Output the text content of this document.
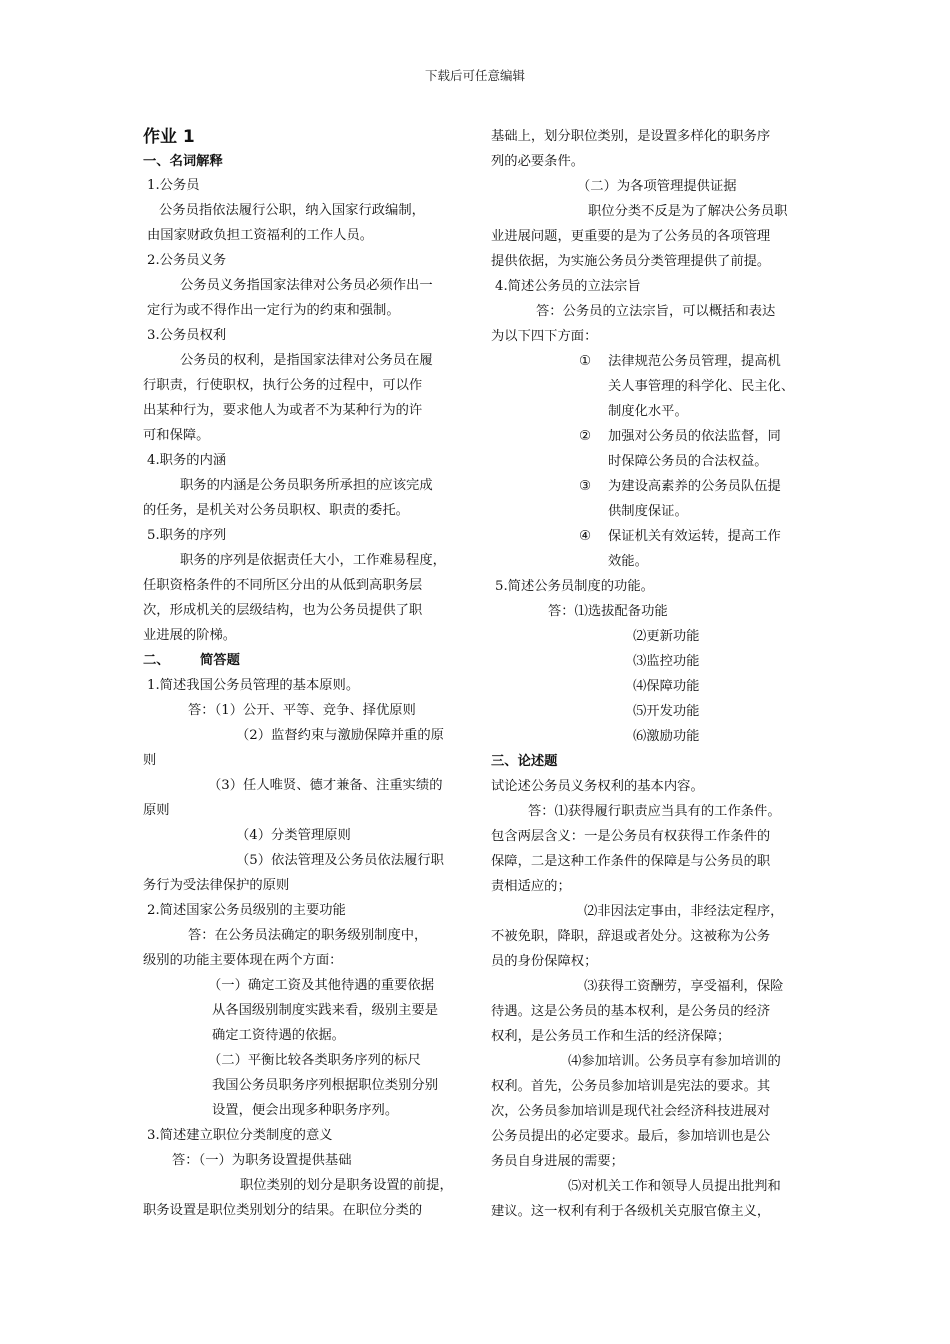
下载后可任意编辑
作业 1
一、名词解释
1.公务员
公务员指依法履行公职，纳入国家行政编制，
由国家财政负担工资福利的工作人员。
2.公务员义务
公务员义务指国家法律对公务员必须作出一
定行为或不得作出一定行为的约束和强制。
3.公务员权利
公务员的权利，是指国家法律对公务员在履
行职责，行使职权，执行公务的过程中，可以作
出某种行为，要求他人为或者不为某种行为的许
可和保障。
4.职务的内涵
职务的内涵是公务员职务所承担的应该完成
的任务，是机关对公务员职权、职责的委托。
5.职务的序列
职务的序列是依据责任大小，工作难易程度，
任职资格条件的不同所区分出的从低到高职务层
次，形成机关的层级结构，也为公务员提供了职
业进展的阶梯。
二、 简答题
1.简述我国公务员管理的基本原则。
答：（1）公开、平等、竞争、择优原则
（2）监督约束与激励保障并重的原
则
（3）任人唯贤、德才兼备、注重实绩的
原则
（4）分类管理原则
（5）依法管理及公务员依法履行职
务行为受法律保护的原则
2.简述国家公务员级别的主要功能
答：在公务员法确定的职务级别制度中，
级别的功能主要体现在两个方面：
（一）确定工资及其他待遇的重要依据
从各国级别制度实践来看，级别主要是
确定工资待遇的依据。
（二）平衡比较各类职务序列的标尺
我国公务员职务序列根据职位类别分别
设置，便会出现多种职务序列。
3.简述建立职位分类制度的意义
答：（一）为职务设置提供基础
职位类别的划分是职务设置的前提，
职务设置是职位类别划分的结果。在职位分类的
基础上，划分职位类别，是设置多样化的职务序
列的必要条件。
（二）为各项管理提供证据
职位分类不反是为了解决公务员职
业进展问题，更重要的是为了公务员的各项管理
提供依据，为实施公务员分类管理提供了前提。
4.简述公务员的立法宗旨
答：公务员的立法宗旨，可以概括和表达
为以下四下方面：
法律规范公务员管理，提高机
关人事管理的科学化、民主化、
制度化水平。
加强对公务员的依法监督，同
时保障公务员的合法权益。
为建设高素养的公务员队伍提
供制度保证。
保证机关有效运转，提高工作
效能。
5.简述公务员制度的功能。
答：⑴选拔配备功能
⑵更新功能
⑶监控功能
⑷保障功能
⑸开发功能
⑹激励功能
三、论述题
试论述公务员义务权利的基本内容。
答：⑴获得履行职责应当具有的工作条件。
包含两层含义：一是公务员有权获得工作条件的
保障，二是这种工作条件的保障是与公务员的职
责相适应的；
⑵非因法定事由，非经法定程序，
不被免职，降职，辞退或者处分。这被称为公务
员的身份保障权；
⑶获得工资酬劳，享受福利，保险
待遇。这是公务员的基本权利，是公务员的经济
权利，是公务员工作和生活的经济保障；
⑷参加培训。公务员享有参加培训的
权利。首先，公务员参加培训是宪法的要求。其
次，公务员参加培训是现代社会经济科技进展对
公务员提出的必定要求。最后，参加培训也是公
务员自身进展的需要；
⑸对机关工作和领导人员提出批判和
建议。这一权利有利于各级机关克服官僚主义，
①
②
③
④
